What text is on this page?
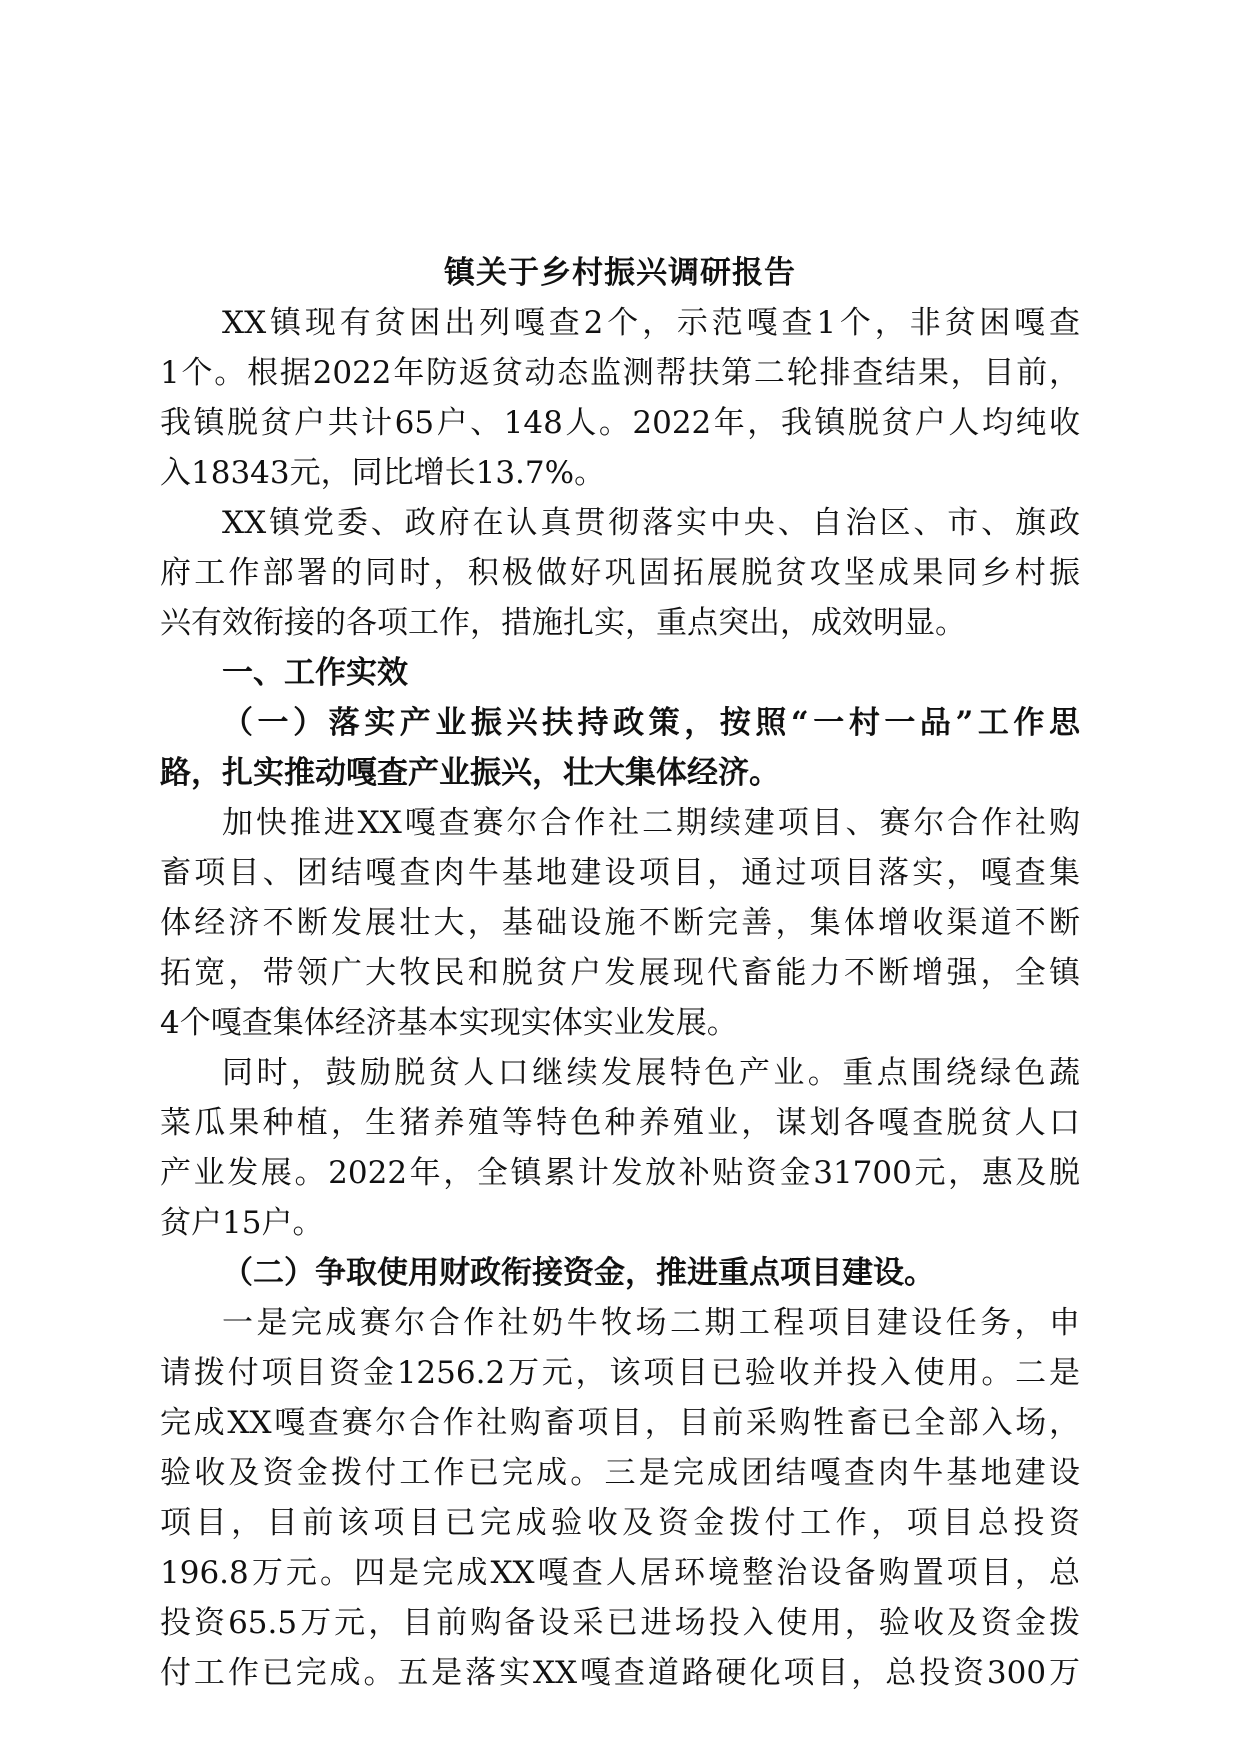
镇关于乡村振兴调研报告
XX镇现有贫困出列嘎查2个，示范嘎查1个，非贫困嘎查
1个。根据2022年防返贫动态监测帮扶第二轮排查结果，目前，
我镇脱贫户共计65户、148人。2022年，我镇脱贫户人均纯收
入18343元，同比增长13.7%。
XX镇党委、政府在认真贯彻落实中央、自治区、市、旗政
府工作部署的同时，积极做好巩固拓展脱贫攻坚成果同乡村振
兴有效衔接的各项工作，措施扎实，重点突出，成效明显。
一、工作实效
（一）落实产业振兴扶持政策，按照“一村一品”工作思
路，扎实推动嘎查产业振兴，壮大集体经济。
加快推进XX嘎查赛尔合作社二期续建项目、赛尔合作社购
畜项目、团结嘎查肉牛基地建设项目，通过项目落实，嘎查集
体经济不断发展壮大，基础设施不断完善，集体增收渠道不断
拓宽，带领广大牧民和脱贫户发展现代畜能力不断增强，全镇
4个嘎查集体经济基本实现实体实业发展。
同时，鼓励脱贫人口继续发展特色产业。重点围绕绿色蔬
菜瓜果种植，生猪养殖等特色种养殖业，谋划各嘎查脱贫人口
产业发展。2022年，全镇累计发放补贴资金31700元，惠及脱
贫户15户。
（二）争取使用财政衔接资金，推进重点项目建设。
一是完成赛尔合作社奶牛牧场二期工程项目建设任务，申
请拨付项目资金1256.2万元，该项目已验收并投入使用。二是
完成XX嘎查赛尔合作社购畜项目，目前采购牲畜已全部入场，
验收及资金拨付工作已完成。三是完成团结嘎查肉牛基地建设
项目，目前该项目已完成验收及资金拨付工作，项目总投资
196.8万元。四是完成XX嘎查人居环境整治设备购置项目，总
投资65.5万元，目前购备设采已进场投入使用，验收及资金拨
付工作已完成。五是落实XX嘎查道路硬化项目，总投资300万
